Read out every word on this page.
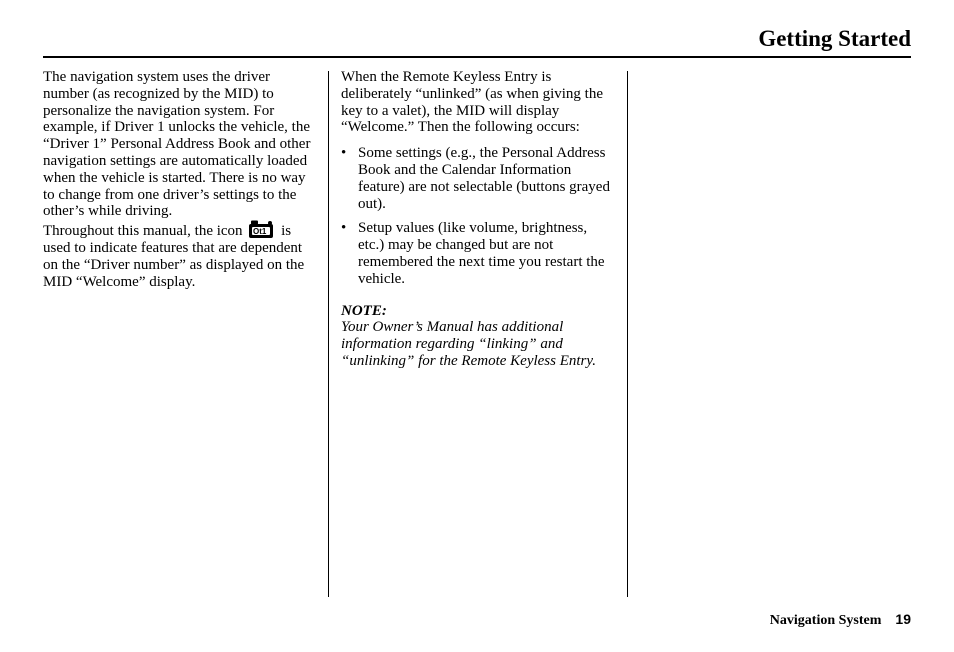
Getting Started

The navigation system uses the driver number (as recognized by the MID) to personalize the navigation system. For example, if Driver 1 unlocks the vehicle, the “Driver 1” Personal Address Book and other navigation settings are automatically loaded when the vehicle is started. There is no way to change from one driver’s settings to the other’s while driving.

Throughout this manual, the icon Ot1 is used to indicate features that are dependent on the “Driver number” as displayed on the MID “Welcome” display.

When the Remote Keyless Entry is deliberately “unlinked” (as when giving the key to a valet), the MID will display “Welcome.” Then the following occurs:

• Some settings (e.g., the Personal Address Book and the Calendar Information feature) are not selectable (buttons grayed out).
• Setup values (like volume, brightness, etc.) may be changed but are not remembered the next time you restart the vehicle.

NOTE:

Your Owner’s Manual has additional information regarding “linking” and “unlinking” for the Remote Keyless Entry.

Navigation System 19
